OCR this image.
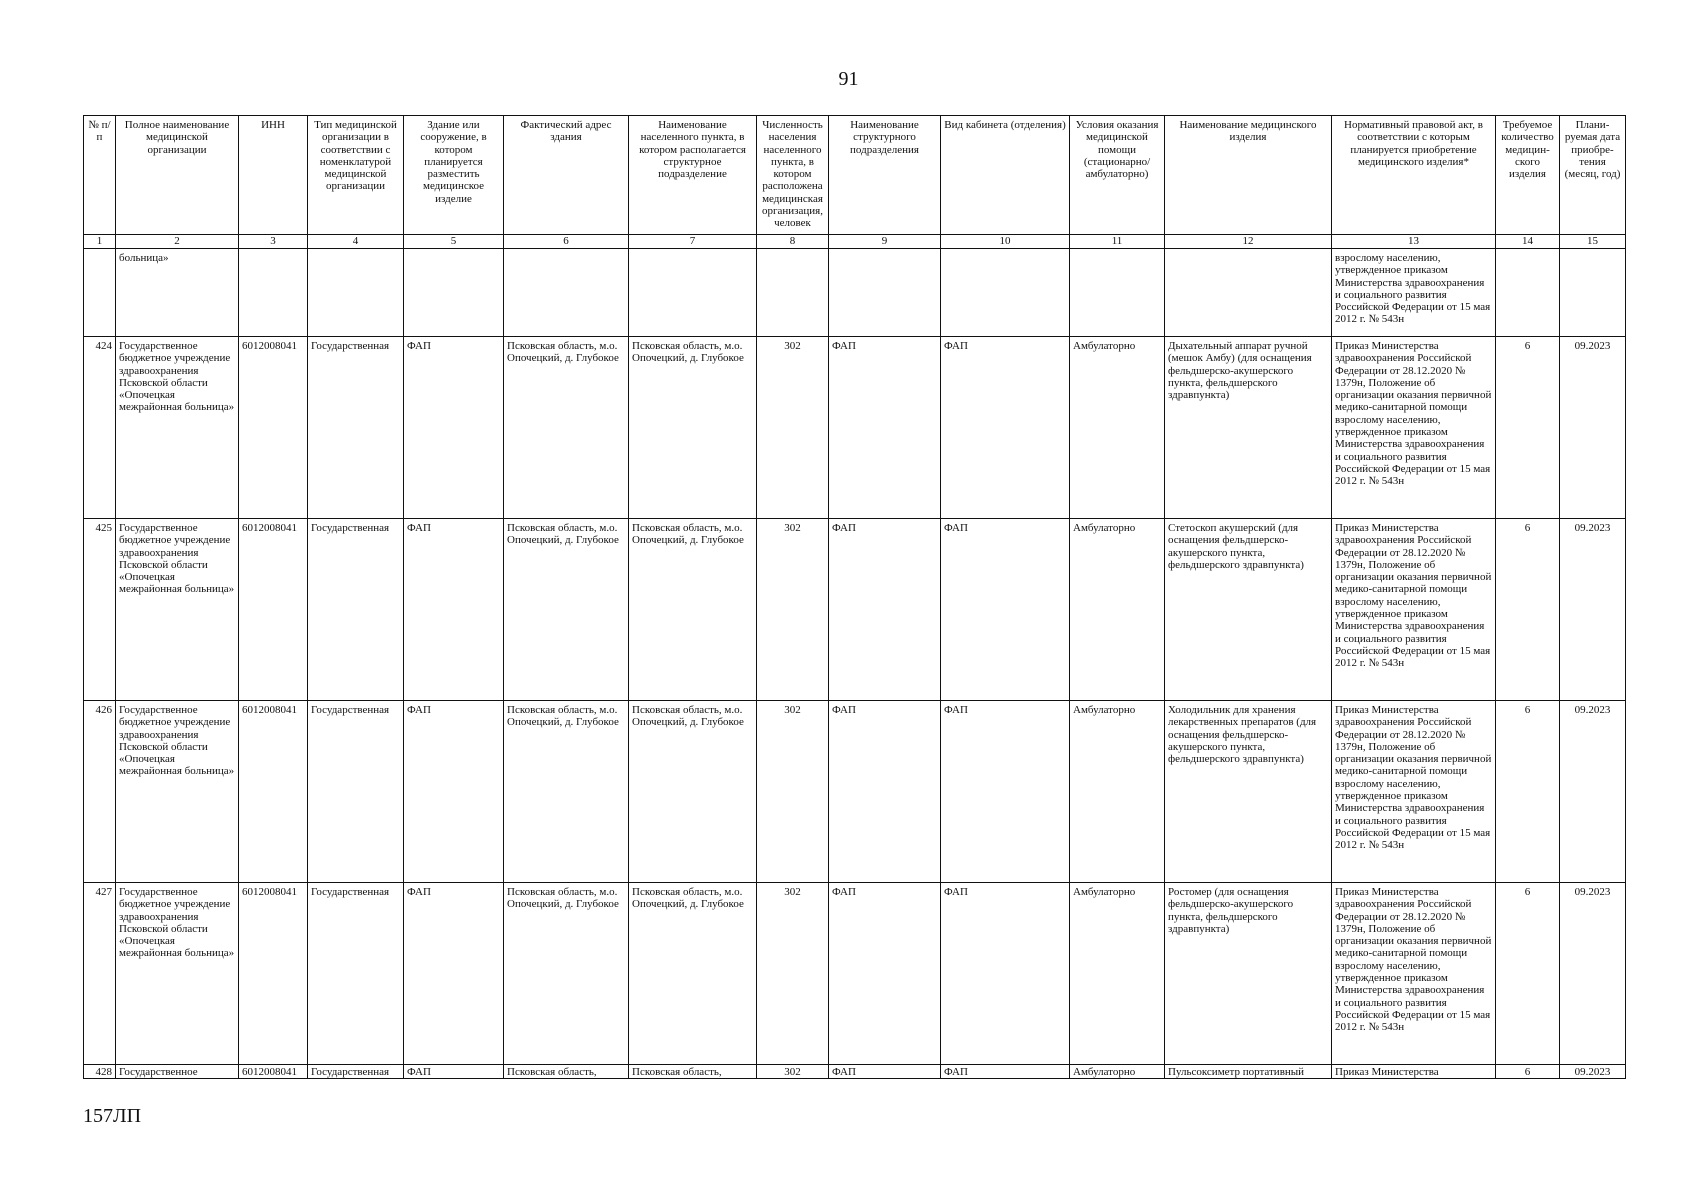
91
№ п/п	Полное наименование медицинской организации	ИНН	Тип медицинской организации в соответствии с номенклатурой медицинской организации	Здание или сооружение, в котором планируется разместить медицинское изделие	Фактический адрес здания	Наименование населенного пункта, в котором располагается структурное подразделение	Численность населения населенного пункта, в котором расположена медицинская организация, человек	Наименование структурного подразделения	Вид кабинета (отделения)	Условия оказания медицинской помощи (стационарно/ амбулаторно)	Наименование медицинского изделия	Нормативный правовой акт, в соответствии с которым планируется приобретение медицинского изделия*	Требуемое количество медицин-ского изделия	Плани-руемая дата приобре-тения (месяц, год)
1	2	3	4	5	6	7	8	9	10	11	12	13	14	15
	больница»											взрослому населению, утвержденное приказом Министерства здравоохранения и социального развития Российской Федерации от 15 мая 2012 г. № 543н		
424	Государственное бюджетное учреждение здравоохранения Псковской области «Опочецкая межрайонная больница»	6012008041	Государственная	ФАП	Псковская область, м.о. Опочецкий, д. Глубокое	Псковская область, м.о. Опочецкий, д. Глубокое	302	ФАП	ФАП	Амбулаторно	Дыхательный аппарат ручной (мешок Амбу) (для оснащения фельдшерско-акушерского пункта, фельдшерского здравпункта)	Приказ Министерства здравоохранения Российской Федерации от 28.12.2020 № 1379н, Положение об организации оказания первичной медико-санитарной помощи взрослому населению, утвержденное приказом Министерства здравоохранения и социального развития Российской Федерации от 15 мая 2012 г. № 543н	6	09.2023
425	Государственное бюджетное учреждение здравоохранения Псковской области «Опочецкая межрайонная больница»	6012008041	Государственная	ФАП	Псковская область, м.о. Опочецкий, д. Глубокое	Псковская область, м.о. Опочецкий, д. Глубокое	302	ФАП	ФАП	Амбулаторно	Стетоскоп акушерский (для оснащения фельдшерско-акушерского пункта, фельдшерского здравпункта)	Приказ Министерства здравоохранения Российской Федерации от 28.12.2020 № 1379н, Положение об организации оказания первичной медико-санитарной помощи взрослому населению, утвержденное приказом Министерства здравоохранения и социального развития Российской Федерации от 15 мая 2012 г. № 543н	6	09.2023
426	Государственное бюджетное учреждение здравоохранения Псковской области «Опочецкая межрайонная больница»	6012008041	Государственная	ФАП	Псковская область, м.о. Опочецкий, д. Глубокое	Псковская область, м.о. Опочецкий, д. Глубокое	302	ФАП	ФАП	Амбулаторно	Холодильник для хранения лекарственных препаратов (для оснащения фельдшерско-акушерского пункта, фельдшерского здравпункта)	Приказ Министерства здравоохранения Российской Федерации от 28.12.2020 № 1379н, Положение об организации оказания первичной медико-санитарной помощи взрослому населению, утвержденное приказом Министерства здравоохранения и социального развития Российской Федерации от 15 мая 2012 г. № 543н	6	09.2023
427	Государственное бюджетное учреждение здравоохранения Псковской области «Опочецкая межрайонная больница»	6012008041	Государственная	ФАП	Псковская область, м.о. Опочецкий, д. Глубокое	Псковская область, м.о. Опочецкий, д. Глубокое	302	ФАП	ФАП	Амбулаторно	Ростомер (для оснащения фельдшерско-акушерского пункта, фельдшерского здравпункта)	Приказ Министерства здравоохранения Российской Федерации от 28.12.2020 № 1379н, Положение об организации оказания первичной медико-санитарной помощи взрослому населению, утвержденное приказом Министерства здравоохранения и социального развития Российской Федерации от 15 мая 2012 г. № 543н	6	09.2023
428	Государственное	6012008041	Государственная	ФАП	Псковская область,	Псковская область,	302	ФАП	ФАП	Амбулаторно	Пульсоксиметр портативный	Приказ Министерства	6	09.2023
157ЛП
